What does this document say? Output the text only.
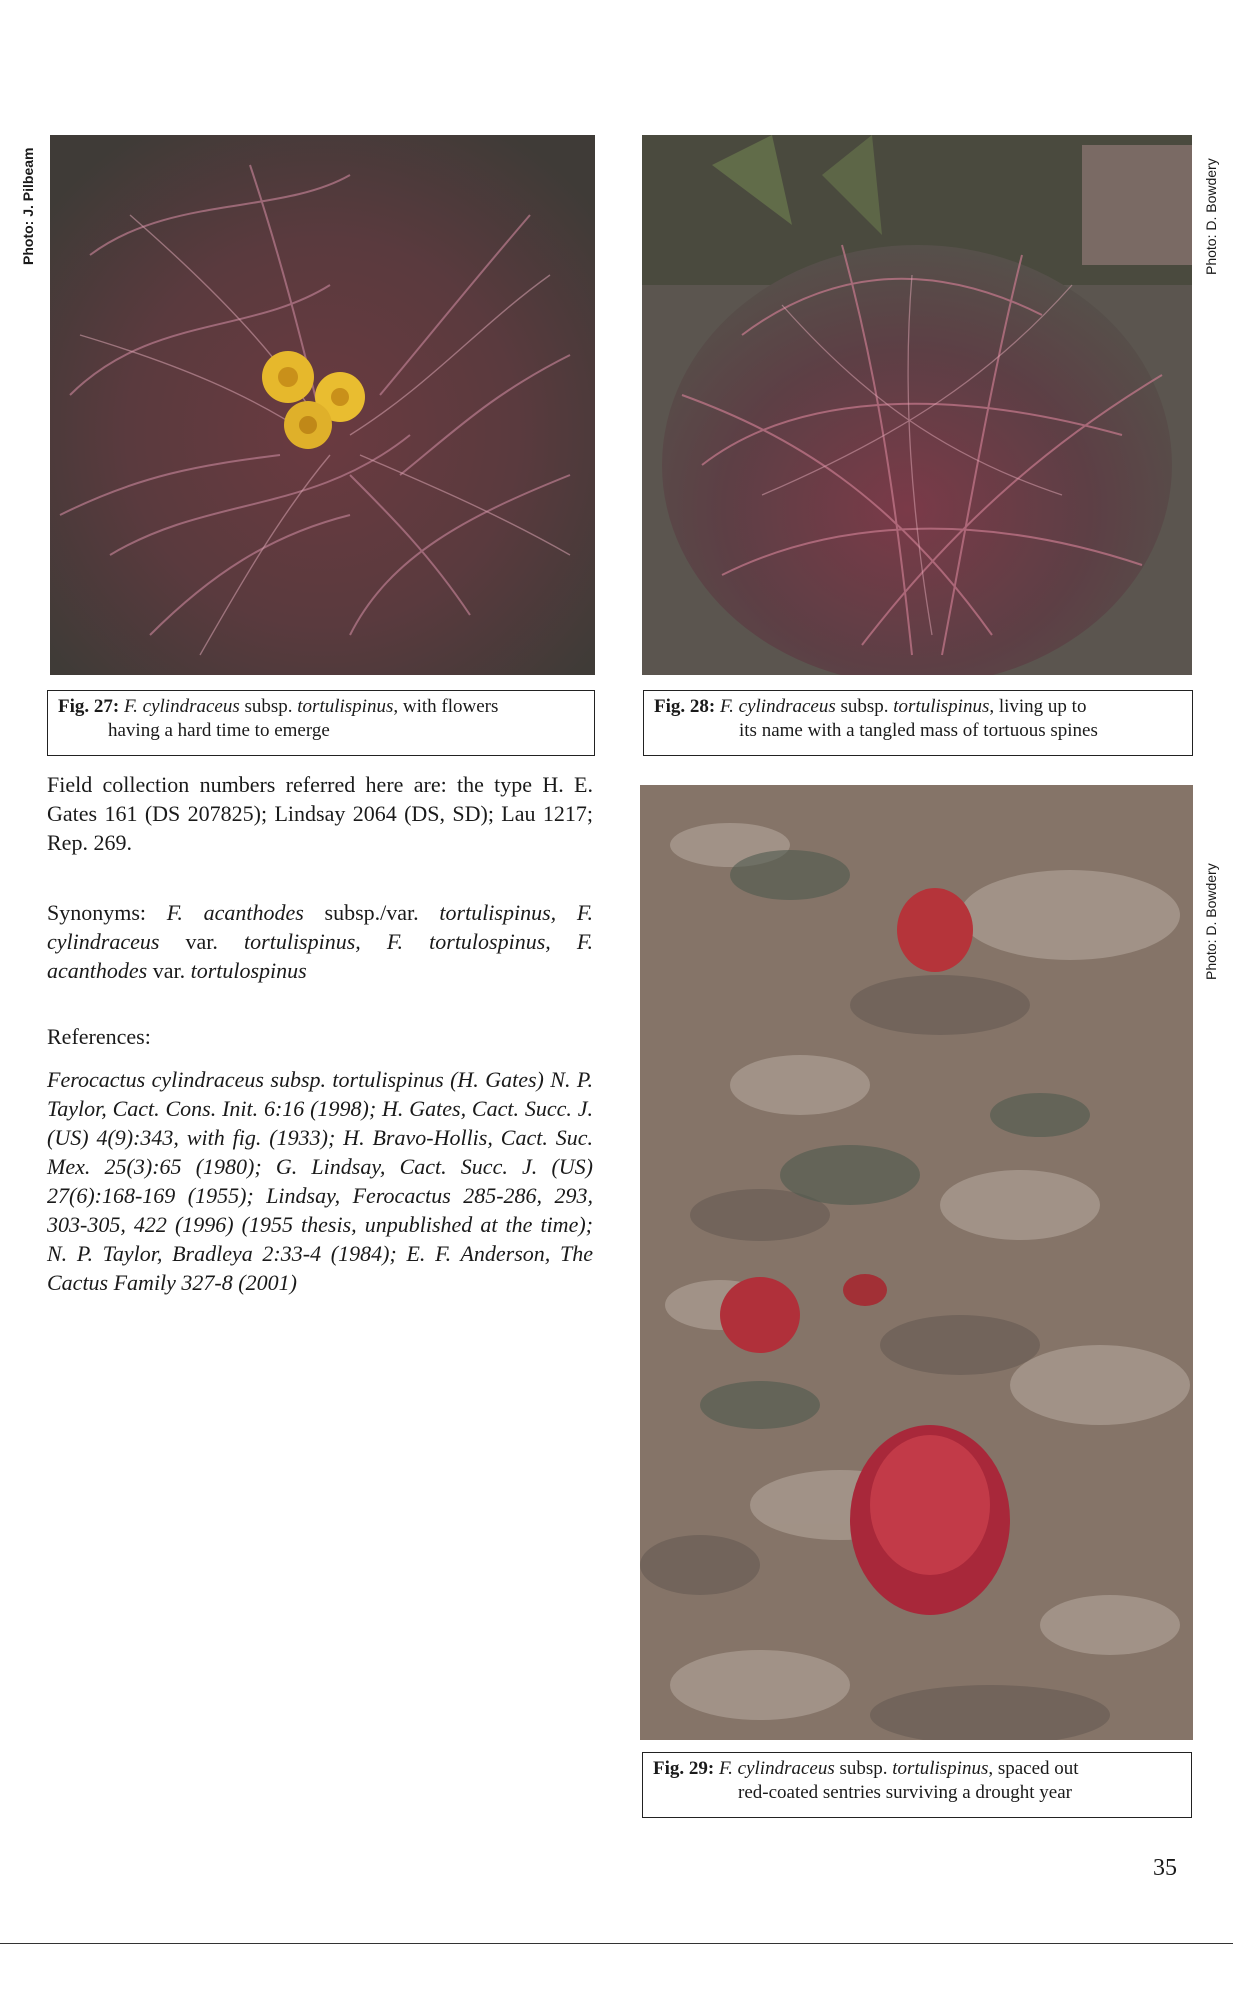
Photo: J. Pilbeam	Photo: D. Bowdery
Photo: D. Bowdery
Fig. 27: F. cylindraceus subsp. tortulispinus, with flowers
having a hard time to emerge
Fig. 28: F. cylindraceus subsp. tortulispinus, living up to
its name with a tangled mass of tortuous spines
Field collection numbers referred here are: the type H. E. Gates 161 (DS 207825); Lindsay 2064 (DS, SD); Lau 1217; Rep. 269.
Synonyms: F. acanthodes subsp./var. tortulispinus, F. cylindraceus var. tortulispinus, F. tortulospinus, F. acanthodes var. tortulospinus
References:
Ferocactus cylindraceus subsp. tortulispinus (H. Gates) N. P. Taylor, Cact. Cons. Init. 6:16 (1998); H. Gates, Cact. Succ. J. (US) 4(9):343, with fig. (1933); H. Bravo-Hollis, Cact. Suc. Mex. 25(3):65 (1980); G. Lindsay, Cact. Succ. J. (US) 27(6):168-169 (1955); Lindsay, Ferocactus 285-286, 293, 303-305, 422 (1996) (1955 thesis, unpublished at the time); N. P. Taylor, Bradleya 2:33-4 (1984); E. F. Anderson, The Cactus Family 327-8 (2001)
Fig. 29: F. cylindraceus subsp. tortulispinus, spaced out
red-coated sentries surviving a drought year
35
